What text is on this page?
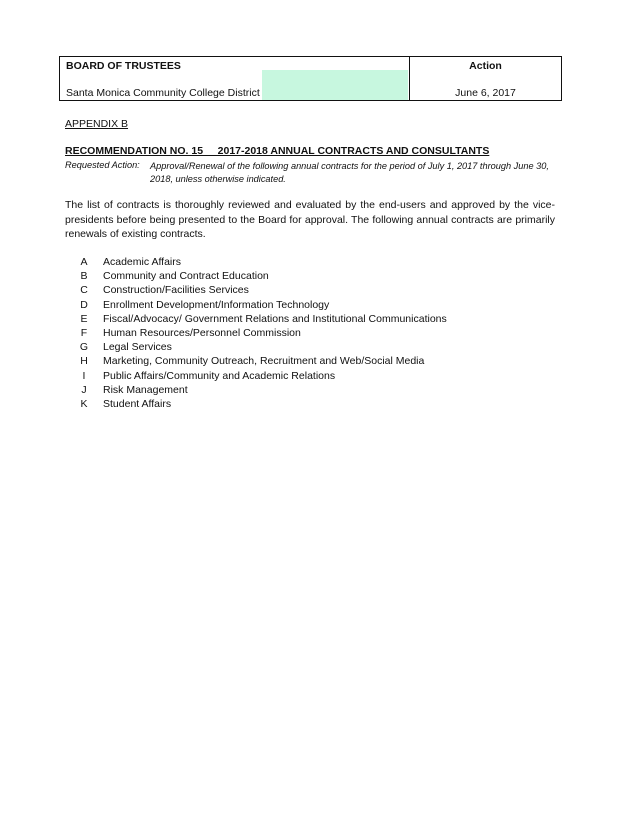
BOARD OF TRUSTEES
Santa Monica Community College District
Action
June 6, 2017
APPENDIX B
RECOMMENDATION NO. 15     2017-2018 ANNUAL CONTRACTS AND CONSULTANTS
Requested Action: Approval/Renewal of the following annual contracts for the period of July 1, 2017 through June 30, 2018, unless otherwise indicated.
The list of contracts is thoroughly reviewed and evaluated by the end-users and approved by the vice-presidents before being presented to the Board for approval. The following annual contracts are primarily renewals of existing contracts.
A Academic Affairs
B Community and Contract Education
C Construction/Facilities Services
D Enrollment Development/Information Technology
E Fiscal/Advocacy/ Government Relations and Institutional Communications
F Human Resources/Personnel Commission
G Legal Services
H Marketing, Community Outreach, Recruitment and Web/Social Media
I Public Affairs/Community and Academic Relations
J Risk Management
K Student Affairs
